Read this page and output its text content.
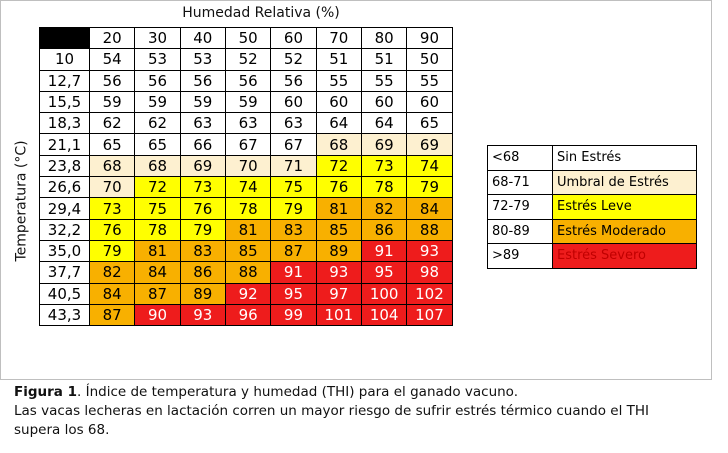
Humedad Relativa (%)
Temperatura (°C)
	20	30	40	50	60	70	80	90
10	54	53	53	52	52	51	51	50
12,7	56	56	56	56	56	55	55	55
15,5	59	59	59	59	60	60	60	60
18,3	62	62	63	63	63	64	64	65
21,1	65	65	66	67	67	68	69	69
23,8	68	68	69	70	71	72	73	74
26,6	70	72	73	74	75	76	78	79
29,4	73	75	76	78	79	81	82	84
32,2	76	78	79	81	83	85	86	88
35,0	79	81	83	85	87	89	91	93
37,7	82	84	86	88	91	93	95	98
40,5	84	87	89	92	95	97	100	102
43,3	87	90	93	96	99	101	104	107
<68	Sin Estrés
68-71	Umbral de Estrés
72-79	Estrés Leve
80-89	Estrés Moderado
>89	Estrés Severo

Figura 1. Índice de temperatura y humedad (THI) para el ganado vacuno.

Las vacas lecheras en lactación corren un mayor riesgo de sufrir estrés térmico cuando el THI supera los 68.
